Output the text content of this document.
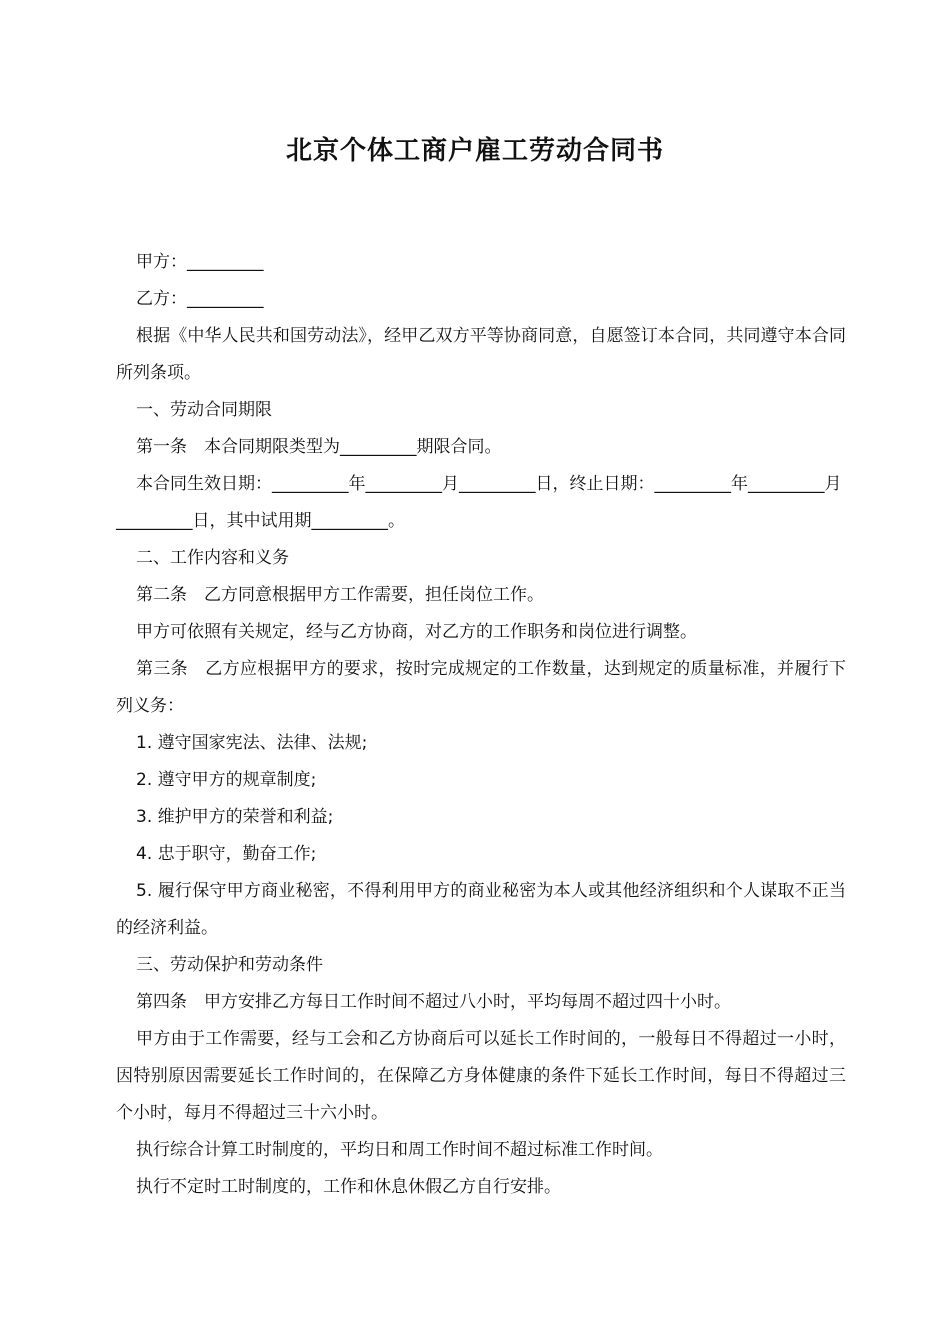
北京个体工商户雇工劳动合同书

甲方：_________

乙方：_________

根据《中华人民共和国劳动法》，经甲乙双方平等协商同意，自愿签订本合同，共同遵守本合同所列条项。

一、劳动合同期限

第一条　本合同期限类型为_________期限合同。

本合同生效日期：_________年_________月_________日，终止日期：_________年_________月_________日，其中试用期_________。

二、工作内容和义务

第二条　乙方同意根据甲方工作需要，担任岗位工作。

甲方可依照有关规定，经与乙方协商，对乙方的工作职务和岗位进行调整。

第三条　乙方应根据甲方的要求，按时完成规定的工作数量，达到规定的质量标准，并履行下列义务：

1. 遵守国家宪法、法律、法规;

2. 遵守甲方的规章制度;

3. 维护甲方的荣誉和利益;

4. 忠于职守，勤奋工作;

5. 履行保守甲方商业秘密，不得利用甲方的商业秘密为本人或其他经济组织和个人谋取不正当的经济利益。

三、劳动保护和劳动条件

第四条　甲方安排乙方每日工作时间不超过八小时，平均每周不超过四十小时。

甲方由于工作需要，经与工会和乙方协商后可以延长工作时间的，一般每日不得超过一小时，因特别原因需要延长工作时间的，在保障乙方身体健康的条件下延长工作时间，每日不得超过三个小时，每月不得超过三十六小时。

执行综合计算工时制度的，平均日和周工作时间不超过标准工作时间。

执行不定时工时制度的，工作和休息休假乙方自行安排。
